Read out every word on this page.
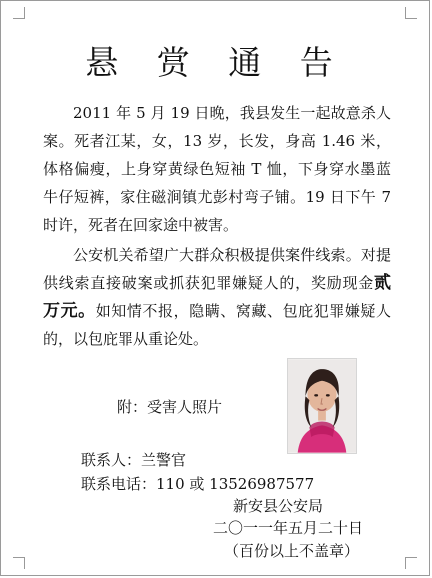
悬 赏 通 告

2011 年 5 月 19 日晚，我县发生一起故意杀人案。死者江某，女，13 岁，长发，身高 1.46 米，体格偏瘦，上身穿黄绿色短袖 T 恤，下身穿水墨蓝牛仔短裤，家住磁涧镇尤彭村弯子铺。19 日下午 7 时许，死者在回家途中被害。

公安机关希望广大群众积极提供案件线索。对提供线索直接破案或抓获犯罪嫌疑人的，奖励现金贰万元。如知情不报，隐瞒、窝藏、包庇犯罪嫌疑人的，以包庇罪从重论处。

附：受害人照片
联系人：兰警官
联系电话：110 或 13526987577
新安县公安局
二〇一一年五月二十日
（百份以上不盖章）
